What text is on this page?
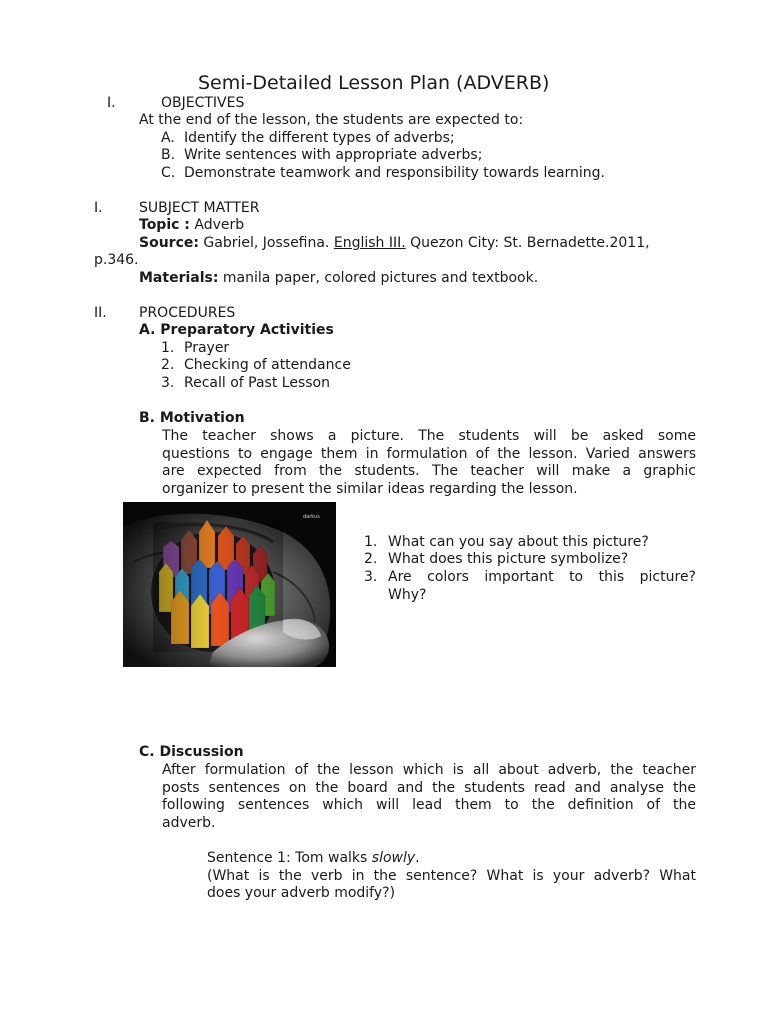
Semi-Detailed Lesson Plan (ADVERB)
I.	OBJECTIVES
At the end of the lesson, the students are expected to:
A. Identify the different types of adverbs;
B. Write sentences with appropriate adverbs;
C. Demonstrate teamwork and responsibility towards learning.
I.	SUBJECT MATTER
Topic : Adverb
Source: Gabriel, Jossefina. English III. Quezon City: St. Bernadette.2011,
p.346.
Materials: manila paper, colored pictures and textbook.
II. PROCEDURES
A. Preparatory Activities
1. Prayer
2. Checking of attendance
3. Recall of Past Lesson
B. Motivation
The teacher shows a picture. The students will be asked some
questions to engage them in formulation of the lesson. Varied answers
are expected from the students. The teacher will make a graphic
organizer to present the similar ideas regarding the lesson.
darkus
1. What can you say about this picture?
2. What does this picture symbolize?
3. Are colors important to this picture?
Why?
C. Discussion
After formulation of the lesson which is all about adverb, the teacher
posts sentences on the board and the students read and analyse the
following sentences which will lead them to the definition of the
adverb.
Sentence 1: Tom walks slowly.
(What is the verb in the sentence? What is your adverb? What
does your adverb modify?)
